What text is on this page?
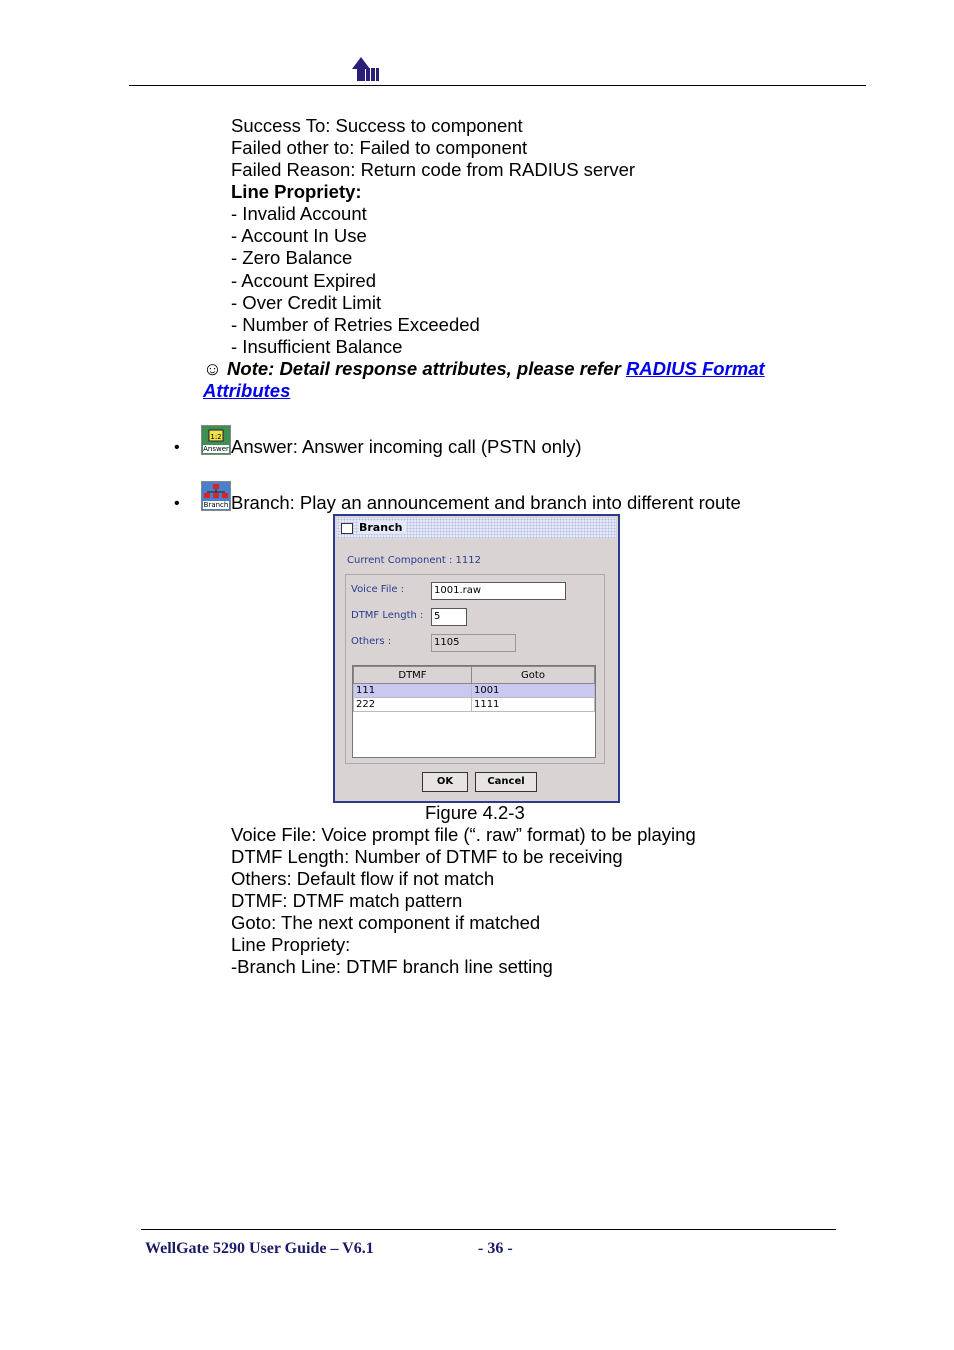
Success To: Success to component
Failed other to: Failed to component
Failed Reason: Return code from RADIUS server
Line Propriety:
- Invalid Account
- Account In Use
- Zero Balance
- Account Expired
- Over Credit Limit
- Number of Retries Exceeded
- Insufficient Balance
☺ Note: Detail response attributes, please refer RADIUS Format
Attributes
•
1:2
Answer Answer: Answer incoming call (PSTN only)
•	Branch Branch: Play an announcement and branch into different route
Branch
Current Component : 1112
Voice File :	1001.raw
DTMF Length :	5
Others :	1105
DTMF	Goto
111	1001
222	1111
OK	Cancel
Figure 4.2-3
Voice File: Voice prompt file (“. raw” format) to be playing
DTMF Length: Number of DTMF to be receiving
Others: Default flow if not match
DTMF: DTMF match pattern
Goto: The next component if matched
Line Propriety:
-Branch Line: DTMF branch line setting
WellGate 5290 User Guide – V6.1	- 36 -
